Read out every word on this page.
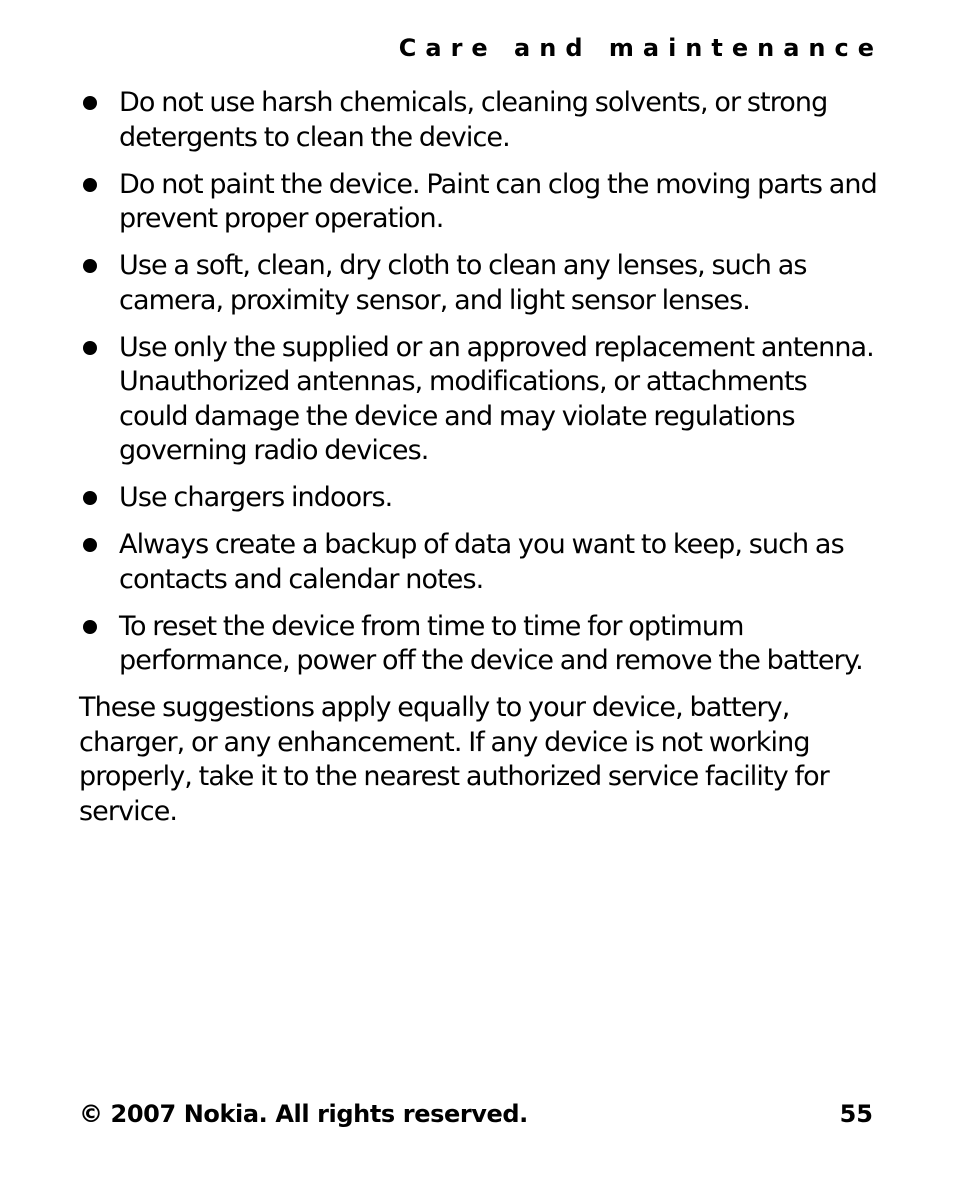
Care and maintenance
Do not use harsh chemicals, cleaning solvents, or strong detergents to clean the device.
Do not paint the device. Paint can clog the moving parts and prevent proper operation.
Use a soft, clean, dry cloth to clean any lenses, such as camera, proximity sensor, and light sensor lenses.
Use only the supplied or an approved replacement antenna. Unauthorized antennas, modifications, or attachments could damage the device and may violate regulations governing radio devices.
Use chargers indoors.
Always create a backup of data you want to keep, such as contacts and calendar notes.
To reset the device from time to time for optimum performance, power off the device and remove the battery.

These suggestions apply equally to your device, battery, charger, or any enhancement. If any device is not working properly, take it to the nearest authorized service facility for service.

© 2007 Nokia. All rights reserved.	55
